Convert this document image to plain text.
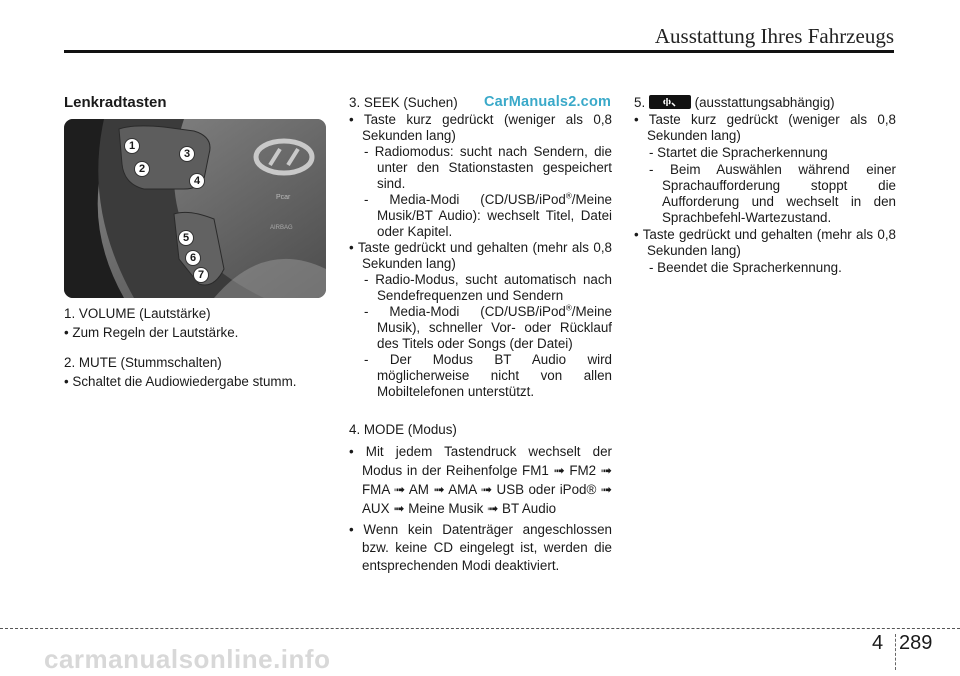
Ausstattung Ihres Fahrzeugs

Lenkradtasten

Pcar
AIRBAG
1
2
3
4
5
6
7

1. VOLUME (Lautstärke)

• Zum Regeln der Lautstärke.

2. MUTE (Stummschalten)

• Schaltet die Audiowiedergabe stumm.

CarManuals2.com

3. SEEK (Suchen)

• Taste kurz gedrückt (weniger als 0,8 Sekunden lang)

- Radiomodus: sucht nach Sendern, die unter den Stationstasten gespeichert sind.

- Media-Modi (CD/USB/iPod®/Meine Musik/BT Audio): wechselt Titel, Datei oder Kapitel.

• Taste gedrückt und gehalten (mehr als 0,8 Sekunden lang)

- Radio-Modus, sucht automatisch nach Sendefrequenzen und Sendern

- Media-Modi (CD/USB/iPod®/Meine Musik), schneller Vor- oder Rücklauf des Titels oder Songs (der Datei)

- Der Modus BT Audio wird möglicherweise nicht von allen Mobiltelefonen unterstützt.

4. MODE (Modus)

• Mit jedem Tastendruck wechselt der Modus in der Reihenfolge FM1 ➟ FM2 ➟ FMA ➟ AM ➟ AMA ➟ USB oder iPod® ➟ AUX ➟ Meine Musik ➟ BT Audio

• Wenn kein Datenträger angeschlossen bzw. keine CD eingelegt ist, werden die entsprechenden Modi deaktiviert.

5.	(ausstattungsabhängig)

• Taste kurz gedrückt (weniger als 0,8 Sekunden lang)

- Startet die Spracherkennung

- Beim Auswählen während einer Sprachaufforderung stoppt die Aufforderung und wechselt in den Sprachbefehl-Wartezustand.

• Taste gedrückt und gehalten (mehr als 0,8 Sekunden lang)

- Beendet die Spracherkennung.

4 289
carmanualsonline.info
